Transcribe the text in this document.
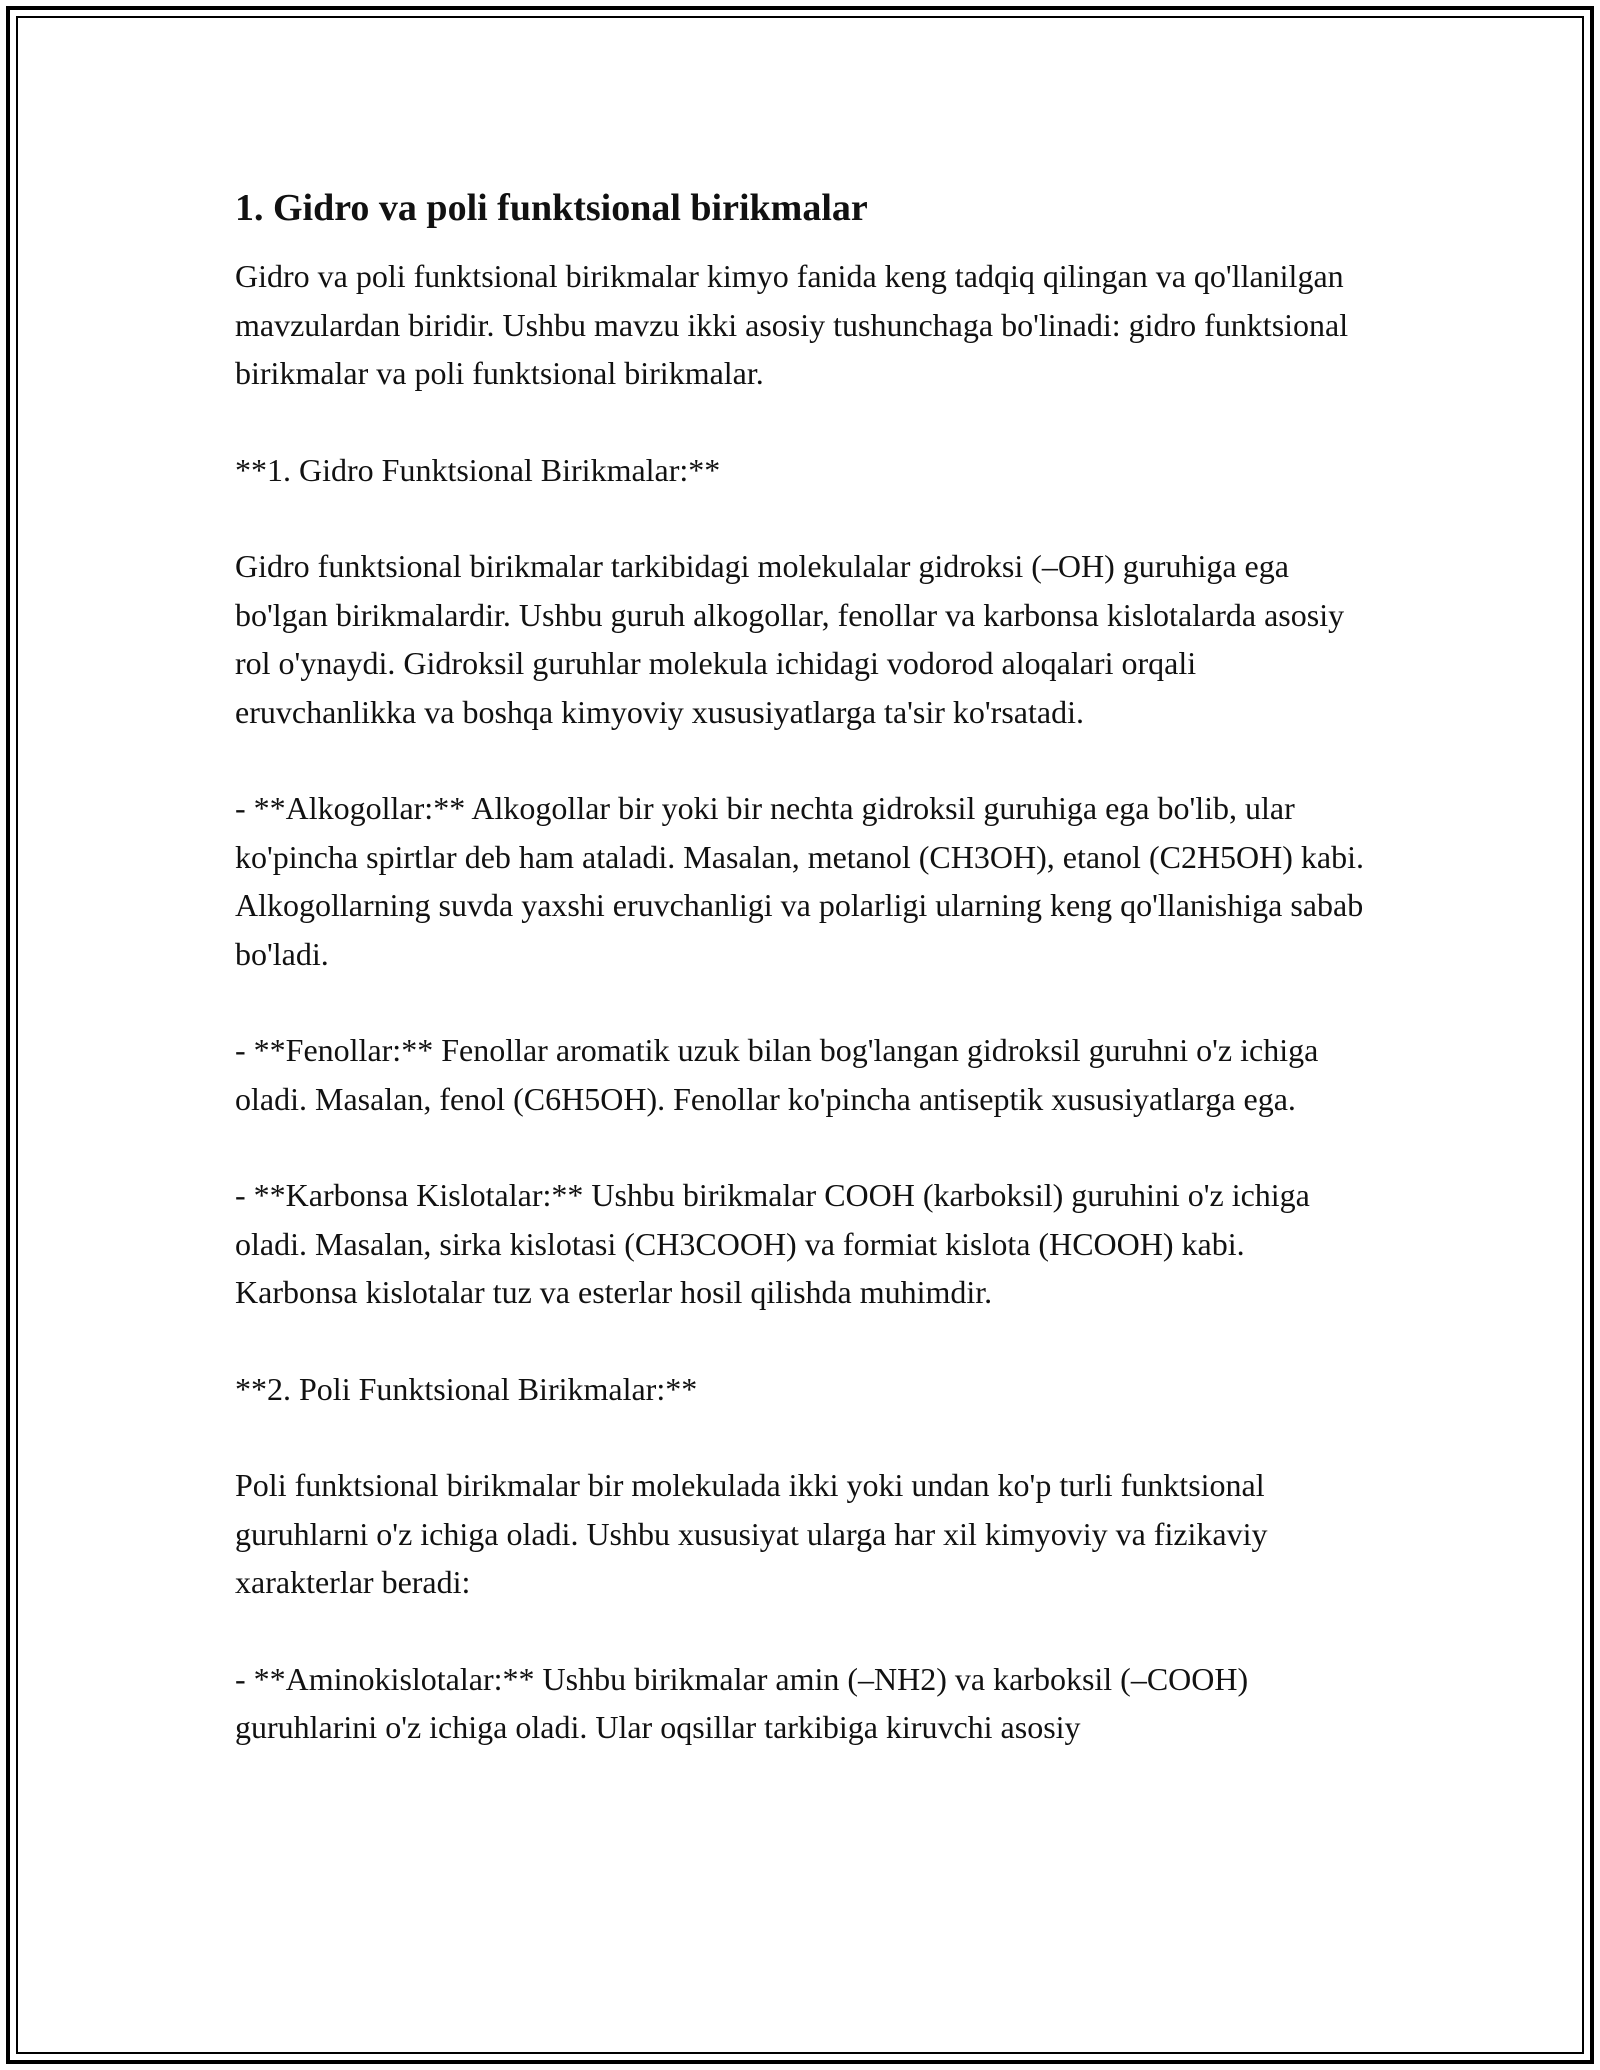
1. Gidro va poli funktsional birikmalar

Gidro va poli funktsional birikmalar kimyo fanida keng tadqiq qilingan va qo'llanilgan mavzulardan biridir. Ushbu mavzu ikki asosiy tushunchaga bo'linadi: gidro funktsional birikmalar va poli funktsional birikmalar.

**1. Gidro Funktsional Birikmalar:**

Gidro funktsional birikmalar tarkibidagi molekulalar gidroksi (–OH) guruhiga ega bo'lgan birikmalardir. Ushbu guruh alkogollar, fenollar va karbonsa kislotalarda asosiy rol o'ynaydi. Gidroksil guruhlar molekula ichidagi vodorod aloqalari orqali eruvchanlikka va boshqa kimyoviy xususiyatlarga ta'sir ko'rsatadi.

- **Alkogollar:** Alkogollar bir yoki bir nechta gidroksil guruhiga ega bo'lib, ular ko'pincha spirtlar deb ham ataladi. Masalan, metanol (CH3OH), etanol (C2H5OH) kabi. Alkogollarning suvda yaxshi eruvchanligi va polarligi ularning keng qo'llanishiga sabab bo'ladi.

- **Fenollar:** Fenollar aromatik uzuk bilan bog'langan gidroksil guruhni o'z ichiga oladi. Masalan, fenol (C6H5OH). Fenollar ko'pincha antiseptik xususiyatlarga ega.

- **Karbonsa Kislotalar:** Ushbu birikmalar COOH (karboksil) guruhini o'z ichiga oladi. Masalan, sirka kislotasi (CH3COOH) va formiat kislota (HCOOH) kabi. Karbonsa kislotalar tuz va esterlar hosil qilishda muhimdir.

**2. Poli Funktsional Birikmalar:**

Poli funktsional birikmalar bir molekulada ikki yoki undan ko'p turli funktsional guruhlarni o'z ichiga oladi. Ushbu xususiyat ularga har xil kimyoviy va fizikaviy xarakterlar beradi:

- **Aminokislotalar:** Ushbu birikmalar amin (–NH2) va karboksil (–COOH) guruhlarini o'z ichiga oladi. Ular oqsillar tarkibiga kiruvchi asosiy
